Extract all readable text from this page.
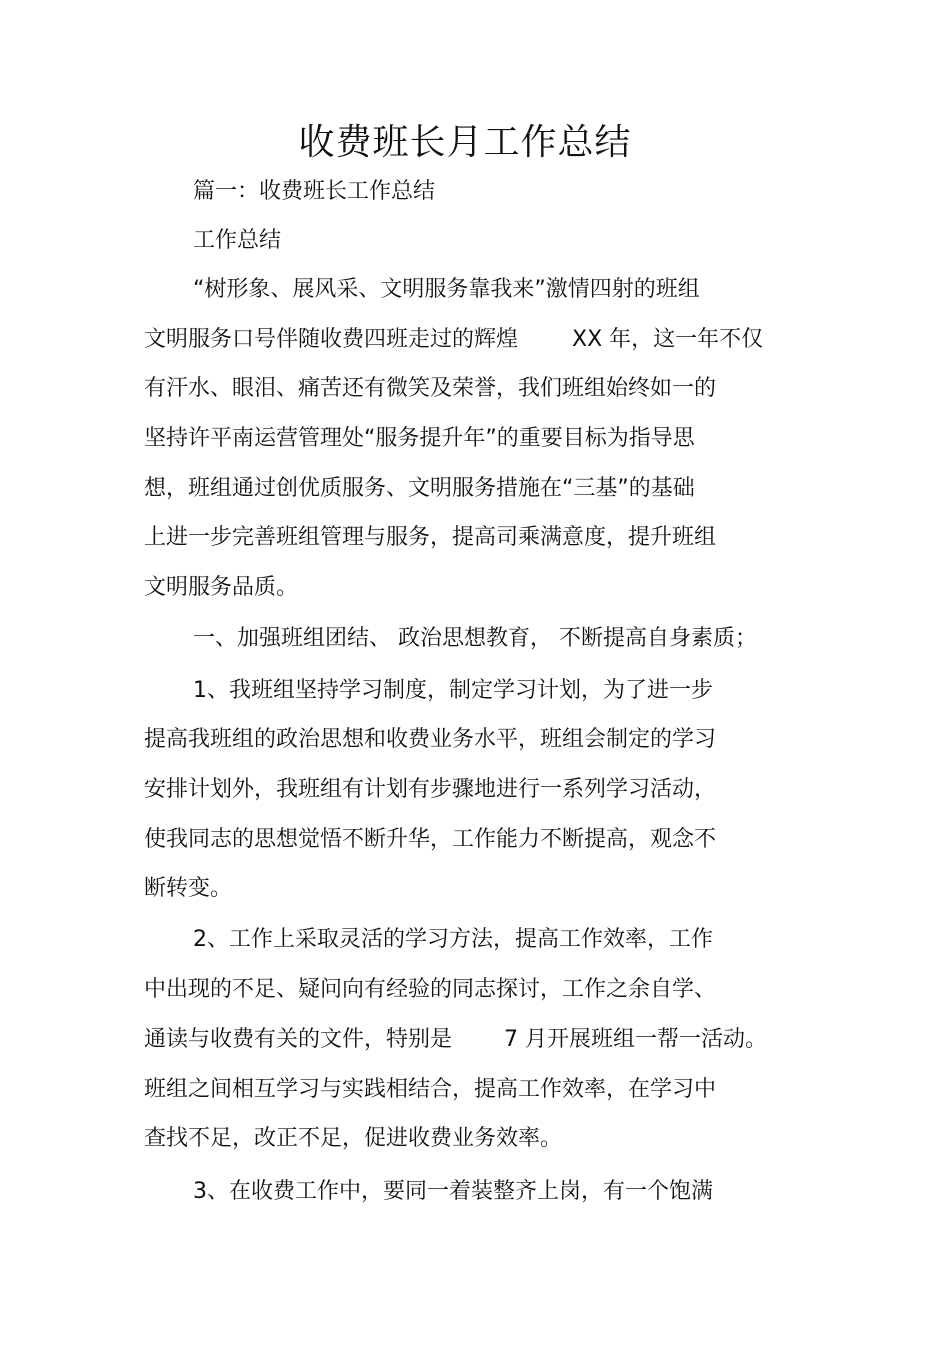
收费班长月工作总结
篇一：收费班长工作总结
工作总结
“树形象、展风采、文明服务靠我来”激情四射的班组
文明服务口号伴随收费四班走过的辉煌 XX 年，这一年不仅
有汗水、眼泪、痛苦还有微笑及荣誉，我们班组始终如一的
坚持许平南运营管理处“服务提升年”的重要目标为指导思
想，班组通过创优质服务、文明服务措施在“三基”的基础
上进一步完善班组管理与服务，提高司乘满意度，提升班组
文明服务品质。
一、加强班组团结、 政治思想教育， 不断提高自身素质；
1、我班组坚持学习制度，制定学习计划，为了进一步
提高我班组的政治思想和收费业务水平，班组会制定的学习
安排计划外，我班组有计划有步骤地进行一系列学习活动，
使我同志的思想觉悟不断升华，工作能力不断提高，观念不
断转变。
2、工作上采取灵活的学习方法，提高工作效率，工作
中出现的不足、疑问向有经验的同志探讨，工作之余自学、
通读与收费有关的文件，特别是 7 月开展班组一帮一活动。
班组之间相互学习与实践相结合，提高工作效率，在学习中
查找不足，改正不足，促进收费业务效率。
3、在收费工作中，要同一着装整齐上岗，有一个饱满
